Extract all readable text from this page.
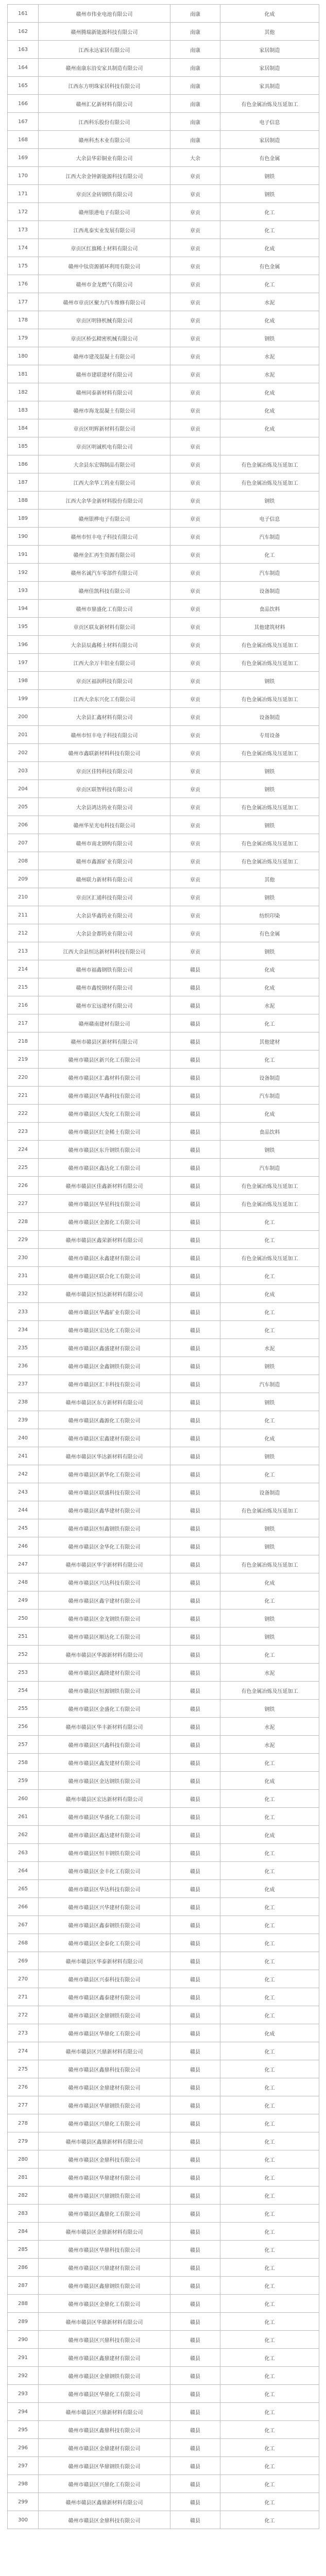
161	赣州市伟业电池有限公司	南康	化成
162	赣州腾瑞新能源科技有限公司	南康	其他
163	江西永达家居有限公司	南康	家居制造
164	赣州南康东沿安家具制造有限公司	南康	家居制造
165	江西东方明珠家居科技有限公司	南康	家具制造
166	赣州汇亿新材料有限公司	南康	有色金属冶炼及压延加工
167	江西科乐股份有限公司	南康	电子信息
168	赣州科杰木业有限公司	南康	家居制造
169	大余县华彩铜业有限公司	大余	有色金属
170	江西大余金钟新能源科技有限公司	章贡	钢铁
171	章贡区金砖钢铁有限公司	章贡	钢铁
172	赣州银港电子有限公司	章贡	化工
173	江西兆泰实业发展有限公司	章贡	化工
174	章贡区红旗稀土材料有限公司	章贡	化成
175	赣州中钛资源循环利用有限公司	章贡	有色金属
176	赣州市金龙燃气有限公司	章贡	化工
177	赣州市章贡区聚力汽车维修有限公司	章贡	水泥
178	章贡区明锋机械有限公司	章贡	化成
179	章贡区桥弘精密机械有限公司	章贡	钢铁
180	赣州市建茂混凝土有限公司	章贡	水泥
181	赣州市建联建材有限公司	章贡	水泥
182	赣州同泰新材料有限公司	章贡	化成
183	赣州市海龙混凝土有限公司	章贡	化成
184	章贡区明辉新材料有限公司	章贡	化成
185	章贡区明诚机电有限公司	章贡	
186	大余县东宏锡制品有限公司	章贡	有色金属冶炼及压延加工
187	江西大余华工钨业有限公司	章贡	有色金属冶炼及压延加工
188	江西大余华金新材料股份有限公司	章贡	钢铁
189	赣州银桦电子有限公司	章贡	电子信息
190	赣州市恒丰电子科技有限公司	章贡	汽车制造
191	赣州金汇再生资源有限公司	章贡	化工
192	赣州名诚汽车零部件有限公司	章贡	汽车制造
193	赣州佳凯科技有限公司	章贡	设备制造
194	赣州市鼎盛化工有限公司	章贡	食品饮料
195	章贡区联友新材料有限公司	章贡	其他建筑材料
196	大余县辰鑫稀土材料有限公司	章贡	有色金属冶炼及压延加工
197	江西大余万丰铝业有限公司	章贡	有色金属冶炼及压延加工
198	章贡区福润科技有限公司	章贡	钢铁
199	江西大余东兴化工有限公司	章贡	有色金属冶炼及压延加工
200	大余县汇鑫材料有限公司	章贡	设备制造
201	赣州市恒丰电子科技有限公司	章贡	专用设备
202	赣州市鑫联新材料科技有限公司	章贡	有色金属冶炼及压延加工
203	章贡区佳特科技有限公司	章贡	钢铁
204	章贡区联智科技有限公司	章贡	钢铁
205	大余县鸿达钨业有限公司	章贡	有色金属冶炼及压延加工
206	赣州华星光电科技有限公司	章贡	钢铁
207	赣州市南北钢构有限公司	章贡	有色金属冶炼及压延加工
208	赣州市鑫源矿业有限公司	章贡	有色金属冶炼及压延加工
209	赣州联力新材料有限公司	章贡	其他
210	章贡区汇通科技有限公司	章贡	钢铁
211	大余县华鑫钨业有限公司	章贡	纺织印染
212	大余县金都钨业有限公司	章贡	有色金属
213	江西大余县恒达新材料科技有限公司	章贡	钢铁
214	赣州市福鑫钢铁有限公司	赣县	化成
215	赣州市鑫悦钢材有限公司	赣县	化成
216	赣州市宏远建材有限公司	赣县	水泥
217	赣州赣南建材有限公司	赣县	化工
218	赣州市赣县区新材料有限公司	赣县	其他建材
219	赣州市赣县区新兴化工有限公司	赣县	化工
220	赣州市赣县区汇鑫材料有限公司	赣县	设备制造
221	赣州市赣县区华鑫科技有限公司	赣县	汽车制造
222	赣州市赣县区大发化工有限公司	赣县	化成
223	赣州市赣县区红金稀土有限公司	赣县	食品饮料
224	赣州市赣县区东升钢铁有限公司	赣县	钢铁
225	赣州市赣县区鑫达化工有限公司	赣县	汽车制造
226	赣州市赣县区佳鑫新材料有限公司	赣县	有色金属冶炼及压延加工
227	赣州市赣县区华星科技有限公司	赣县	有色金属冶炼及压延加工
228	赣州市赣县区金源化工有限公司	赣县	化工
229	赣州市赣县区鑫荣新材料有限公司	赣县	化工
230	赣州市赣县区永鑫建材有限公司	赣县	有色金属冶炼及压延加工
231	赣州市赣县区联合化工有限公司	赣县	化工
232	赣州市赣县区恒达新材料有限公司	赣县	化成
233	赣州市赣县区华鑫矿业有限公司	赣县	化工
234	赣州市赣县区宏达化工有限公司	赣县	化工
235	赣州市赣县区鑫盛建材有限公司	赣县	水泥
236	赣州市赣县区金鑫钢铁有限公司	赣县	钢铁
237	赣州市赣县区汇丰科技有限公司	赣县	汽车制造
238	赣州市赣县区东方新材料有限公司	赣县	钢铁
239	赣州市赣县区鑫源化工有限公司	赣县	化工
240	赣州市赣县区宏鑫建材有限公司	赣县	化成
241	赣州市赣县区华达新材料有限公司	赣县	钢铁
242	赣州市赣县区新华化工有限公司	赣县	化工
243	赣州市赣县区联盛科技有限公司	赣县	设备制造
244	赣州市赣县区鑫华建材有限公司	赣县	有色金属冶炼及压延加工
245	赣州市赣县区恒鑫钢铁有限公司	赣县	钢铁
246	赣州市赣县区金华化工有限公司	赣县	钢铁
247	赣州市赣县区华宇新材料有限公司	赣县	有色金属冶炼及压延加工
248	赣州市赣县区兴达科技有限公司	赣县	化成
249	赣州市赣县区鑫宇建材有限公司	赣县	化工
250	赣州市赣县区金龙钢铁有限公司	赣县	钢铁
251	赣州市赣县区顺达化工有限公司	赣县	钢铁
252	赣州市赣县区华源新材料有限公司	赣县	化工
253	赣州市赣县区鑫隆建材有限公司	赣县	水泥
254	赣州市赣县区恒源钢铁有限公司	赣县	有色金属冶炼及压延加工
255	赣州市赣县区金盛化工有限公司	赣县	钢铁
256	赣州市赣县区华丰新材料有限公司	赣县	水泥
257	赣州市赣县区兴鑫科技有限公司	赣县	水泥
258	赣州市赣县区鑫发建材有限公司	赣县	化工
259	赣州市赣县区金达钢铁有限公司	赣县	化成
260	赣州市赣县区宏达新材料有限公司	赣县	化工
261	赣州市赣县区华盛化工有限公司	赣县	化工
262	赣州市赣县区鑫达建材有限公司	赣县	化成
263	赣州市赣县区恒丰钢铁有限公司	赣县	化工
264	赣州市赣县区金丰化工有限公司	赣县	化工
265	赣州市赣县区华达科技有限公司	赣县	化成
266	赣州市赣县区兴华建材有限公司	赣县	化工
267	赣州市赣县区鑫泰钢铁有限公司	赣县	化工
268	赣州市赣县区金泰化工有限公司	赣县	化工
269	赣州市赣县区华泰新材料有限公司	赣县	化工
270	赣州市赣县区兴泰科技有限公司	赣县	化工
271	赣州市赣县区鑫泰建材有限公司	赣县	化工
272	赣州市赣县区金鼎钢铁有限公司	赣县	化工
273	赣州市赣县区华鼎化工有限公司	赣县	化成
274	赣州市赣县区兴鼎新材料有限公司	赣县	化工
275	赣州市赣县区鑫鼎科技有限公司	赣县	化工
276	赣州市赣县区金鼎建材有限公司	赣县	化工
277	赣州市赣县区华鼎钢铁有限公司	赣县	化工
278	赣州市赣县区兴鼎化工有限公司	赣县	化工
279	赣州市赣县区鑫鼎新材料有限公司	赣县	化工
280	赣州市赣县区金鼎科技有限公司	赣县	化工
281	赣州市赣县区华鼎建材有限公司	赣县	化工
282	赣州市赣县区兴鼎钢铁有限公司	赣县	化工
283	赣州市赣县区鑫鼎化工有限公司	赣县	化工
284	赣州市赣县区金鼎新材料有限公司	赣县	化工
285	赣州市赣县区华鼎科技有限公司	赣县	化工
286	赣州市赣县区兴鼎建材有限公司	赣县	化工
287	赣州市赣县区鑫鼎钢铁有限公司	赣县	化工
288	赣州市赣县区金鼎化工有限公司	赣县	化工
289	赣州市赣县区华鼎新材料有限公司	赣县	化工
290	赣州市赣县区兴鼎科技有限公司	赣县	化工
291	赣州市赣县区鑫鼎建材有限公司	赣县	化工
292	赣州市赣县区金鼎钢铁有限公司	赣县	化工
293	赣州市赣县区华鼎化工有限公司	赣县	化工
294	赣州市赣县区兴鼎新材料有限公司	赣县	化工
295	赣州市赣县区鑫鼎科技有限公司	赣县	化工
296	赣州市赣县区金鼎建材有限公司	赣县	化工
297	赣州市赣县区华鼎钢铁有限公司	赣县	化工
298	赣州市赣县区兴鼎化工有限公司	赣县	化工
299	赣州市赣县区鑫鼎新材料有限公司	赣县	化工
300	赣州市赣县区金鼎科技有限公司	赣县	化工
